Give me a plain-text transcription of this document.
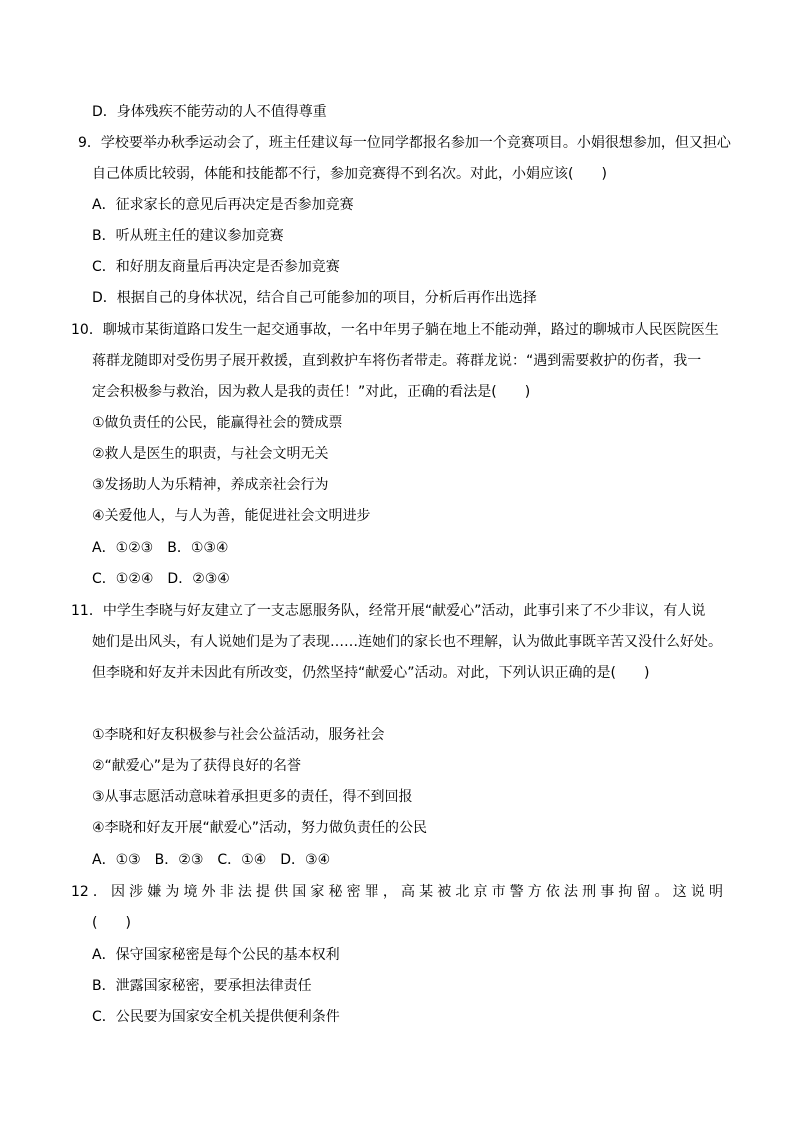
D．身体残疾不能劳动的人不值得尊重
9．学校要举办秋季运动会了，班主任建议每一位同学都报名参加一个竞赛项目。小娟很想参加，但又担心
自己体质比较弱，体能和技能都不行，参加竞赛得不到名次。对此，小娟应该(　　)
A．征求家长的意见后再决定是否参加竞赛
B．听从班主任的建议参加竞赛
C．和好朋友商量后再决定是否参加竞赛
D．根据自己的身体状况，结合自己可能参加的项目，分析后再作出选择
10．聊城市某街道路口发生一起交通事故，一名中年男子躺在地上不能动弹，路过的聊城市人民医院医生
蒋群龙随即对受伤男子展开救援，直到救护车将伤者带走。蒋群龙说：“遇到需要救护的伤者，我一
定会积极参与救治，因为救人是我的责任！”对此，正确的看法是(　　)
①做负责任的公民，能赢得社会的赞成票
②救人是医生的职责，与社会文明无关
③发扬助人为乐精神，养成亲社会行为
④关爱他人，与人为善，能促进社会文明进步
A．①②③　B．①③④
C．①②④　D．②③④
11．中学生李晓与好友建立了一支志愿服务队，经常开展“献爱心”活动，此事引来了不少非议，有人说
她们是出风头，有人说她们是为了表现……连她们的家长也不理解，认为做此事既辛苦又没什么好处。
但李晓和好友并未因此有所改变，仍然坚持“献爱心”活动。对此，下列认识正确的是(　　)
①李晓和好友积极参与社会公益活动，服务社会
②“献爱心”是为了获得良好的名誉
③从事志愿活动意味着承担更多的责任，得不到回报
④李晓和好友开展“献爱心”活动，努力做负责任的公民
A．①③　B．②③　C．①④　D．③④
12．因涉嫌为境外非法提供国家秘密罪，高某被北京市警方依法刑事拘留。这说明
(　　)
A．保守国家秘密是每个公民的基本权利
B．泄露国家秘密，要承担法律责任
C．公民要为国家安全机关提供便利条件
